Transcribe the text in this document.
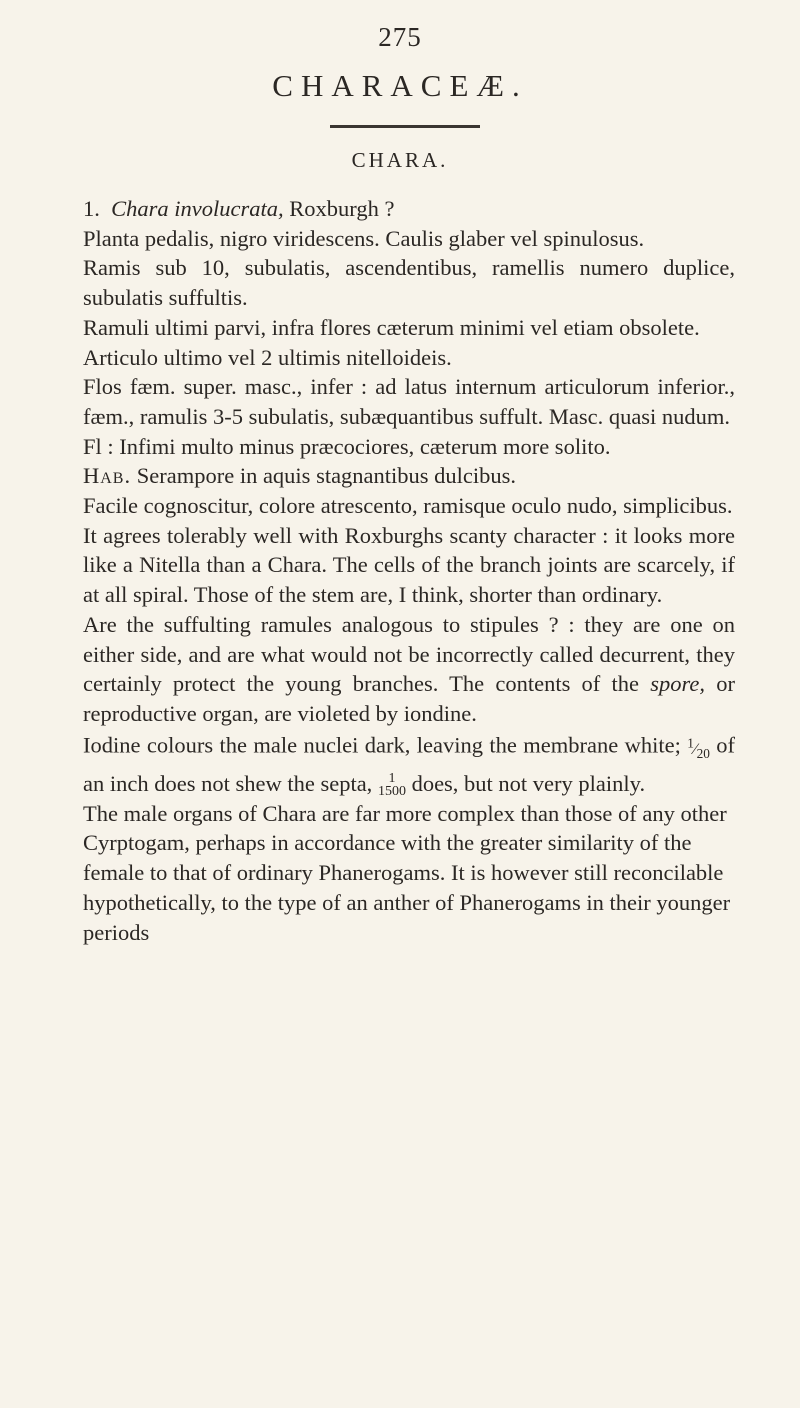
275
CHARACEÆ.
CHARA.

1. Chara involucrata, Roxburgh ?

Planta pedalis, nigro viridescens. Caulis glaber vel spinulosus.

Ramis sub 10, subulatis, ascendentibus, ramellis numero duplice, subulatis suffultis.

Ramuli ultimi parvi, infra flores cæterum minimi vel etiam obsolete.

Articulo ultimo vel 2 ultimis nitelloideis.

Flos fæm. super. masc., infer : ad latus internum articulorum inferior., fæm., ramulis 3-5 subulatis, subæquantibus suffult. Masc. quasi nudum.

Fl : Infimi multo minus præcociores, cæterum more solito.

Hab. Serampore in aquis stagnantibus dulcibus.

Facile cognoscitur, colore atrescento, ramisque oculo nudo, simplicibus.

It agrees tolerably well with Roxburghs scanty character : it looks more like a Nitella than a Chara. The cells of the branch joints are scarcely, if at all spiral. Those of the stem are, I think, shorter than ordinary.

Are the suffulting ramules analogous to stipules ? : they are one on either side, and are what would not be incorrectly called decurrent, they certainly protect the young branches. The contents of the spore, or reproductive organ, are violeted by iondine.

Iodine colours the male nuclei dark, leaving the membrane white; $^1⁄_{20}$ of an inch does not shew the septa,	1
1500 does, but not very plainly.

The male organs of Chara are far more complex than those of any other Cyrptogam, perhaps in accordance with the greater similarity of the female to that of ordinary Phanerogams. It is however still reconcilable hypothetically, to the type of an anther of Phanerogams in their younger periods
